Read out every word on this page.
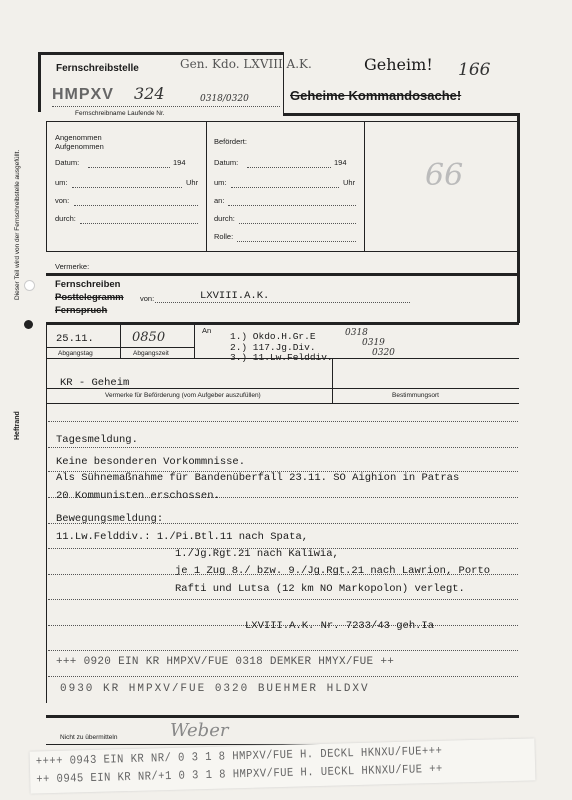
Dieser Teil wird von der Fernschreibstelle ausgefüllt.
Heftrand
Fernschreibstelle	Gen. Kdo. LXVIII A.K.	Geheim! 166
HMPXV 324	0318/0320
Fernschreibname Laufende Nr.
Geheime Kommandosache!
Angenommen
Aufgenommen
Datum:	194
um:	Uhr
von:
durch:
Befördert:
Datum:	194
um:	Uhr
an:
durch:
Rolle:
66
Vermerke:
Fernschreiben
Posttelegramm von:	LXVIII.A.K.
Fernspruch
25.11.
Abgangstag
0850
Abgangszeit
An
1.) Okdo.H.Gr.E
2.) 117.Jg.Div.
3.) 11.Lw.Felddiv.
0318
0319
0320
KR - Geheim
Vermerke für Beförderung (vom Aufgeber auszufüllen)	Bestimmungsort
Tagesmeldung.
Keine besonderen Vorkommnisse.
Als Sühnemaßnahme für Bandenüberfall 23.11. SO Aighion in Patras
20 Kommunisten erschossen.
Bewegungsmeldung:
11.Lw.Felddiv.: 1./Pi.Btl.11 nach Spata,
1./Jg.Rgt.21 nach Kaliwia,
je 1 Zug 8./ bzw. 9./Jg.Rgt.21 nach Lawrion, Porto
Rafti und Lutsa (12 km NO Markopolon) verlegt.
LXVIII.A.K. Nr. 7233/43 geh.Ia
+++ 0920 EIN KR HMPXV/FUE 0318 DEMKER HMYX/FUE ++
0930 KR HMPXV/FUE 0320 BUEHMER HLDXV
Nicht zu übermitteln	Weber
++++ 0943 EIN KR NR/ 0 3 1 8 HMPXV/FUE H. DECKL HKNXU/FUE+++
++ 0945 EIN KR NR/+1 0 3 1 8 HMPXV/FUE H. UECKL HKNXU/FUE ++
